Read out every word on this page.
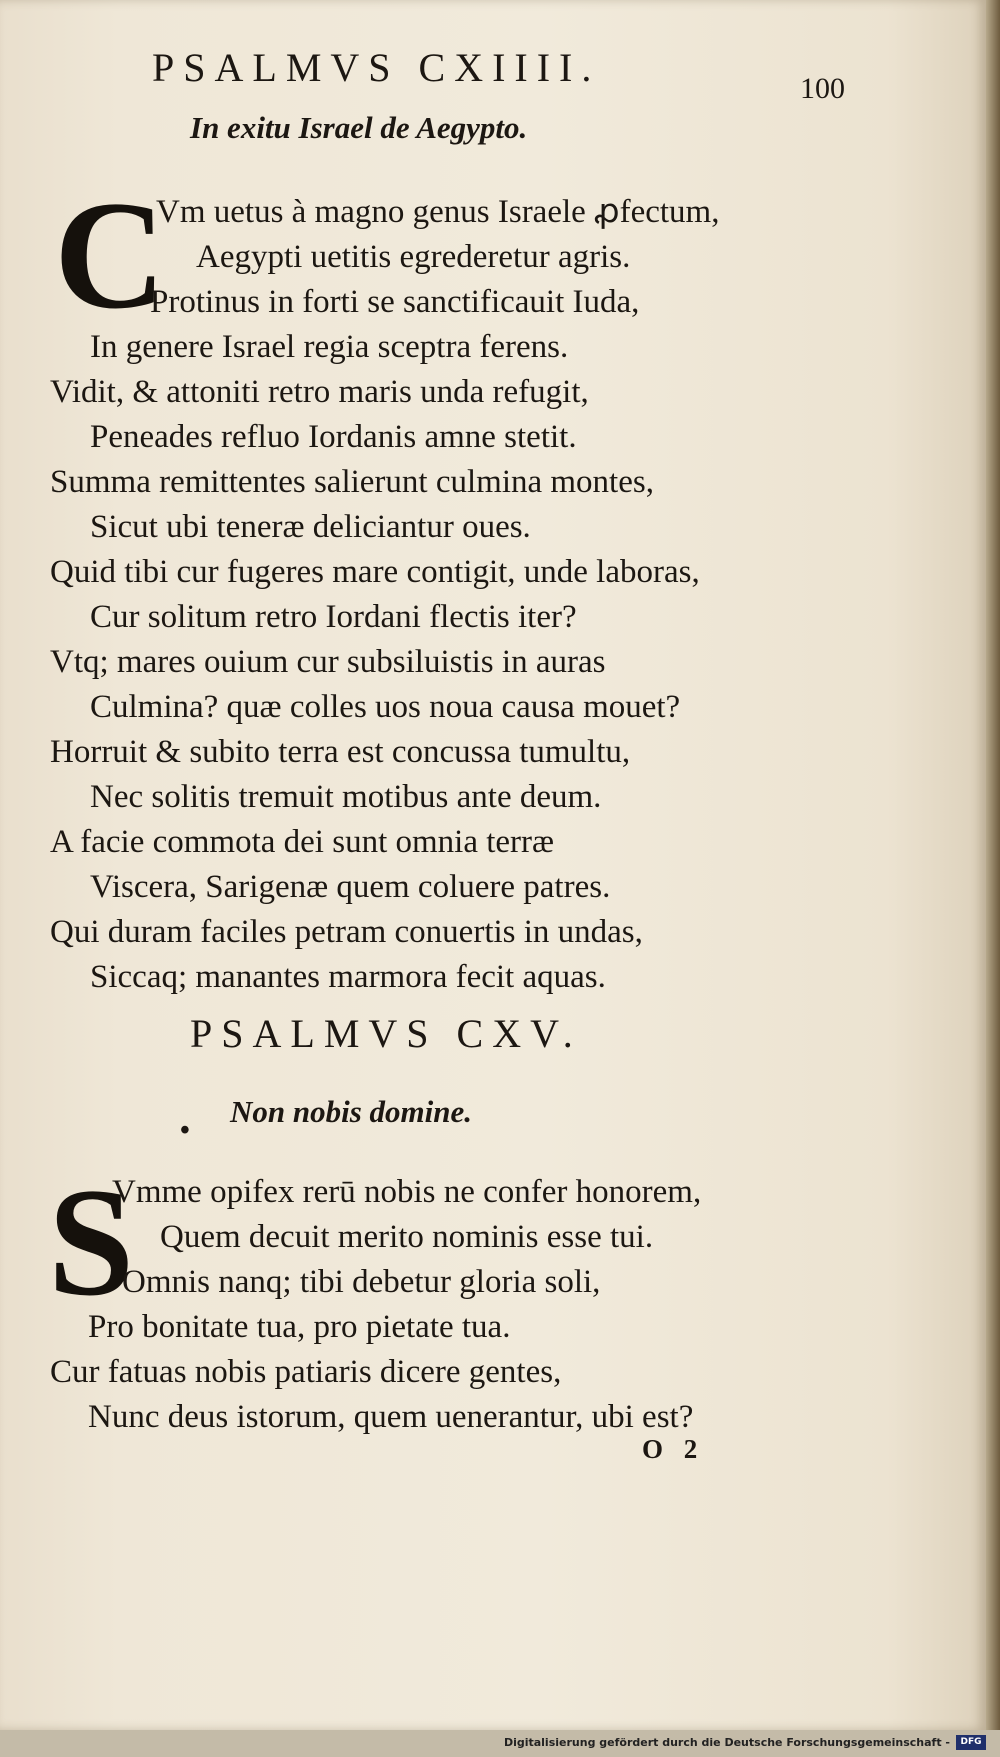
PSALMVS CXIIII.	100
In exitu Israel de Aegypto.
C
Vm uetus à magno genus Israele ꝓfectum,
Aegypti uetitis egrederetur agris.
Protinus in forti se sanctificauit Iuda,
In genere Israel regia sceptra ferens.
Vidit, & attoniti retro maris unda refugit,
Peneades refluo Iordanis amne stetit.
Summa remittentes salierunt culmina montes,
Sicut ubi teneræ deliciantur oues.
Quid tibi cur fugeres mare contigit, unde laboras,
Cur solitum retro Iordani flectis iter?
Vtq; mares ouium cur subsiluistis in auras
Culmina? quæ colles uos noua causa mouet?
Horruit & subito terra est concussa tumultu,
Nec solitis tremuit motibus ante deum.
A facie commota dei sunt omnia terræ
Viscera, Sarigenæ quem coluere patres.
Qui duram faciles petram conuertis in undas,
Siccaq; manantes marmora fecit aquas.
PSALMVS CXV.
•
Non nobis domine.
S
Vmme opifex rerū nobis ne confer honorem,
Quem decuit merito nominis esse tui.
Omnis nanq; tibi debetur gloria soli,
Pro bonitate tua, pro pietate tua.
Cur fatuas nobis patiaris dicere gentes,
Nunc deus istorum, quem uenerantur, ubi est?
O 2
Digitalisierung gefördert durch die Deutsche Forschungsgemeinschaft -	DFG
